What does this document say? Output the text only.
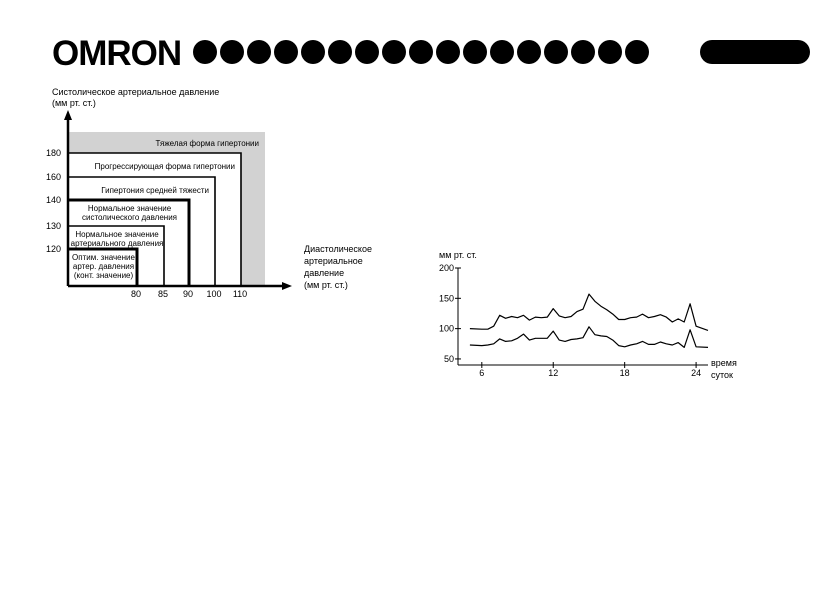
OMRON
Систолическое артериальное давление
(мм рт. ст.)
Диастолическое
артериальное
давление
(мм рт. ст.)
Тяжелая форма гипертонии
Прогрессирующая форма гипертонии
Гипертония средней тяжести
Нормальное значение
систолического давления
Нормальное значение
артериального давления
Оптим. значение
артер. давления
(конт. значение)
120
130
140
160
180
80 85 90 100 110
мм рт. ст.
время
суток
200
150
100
50
6	12	18	24
